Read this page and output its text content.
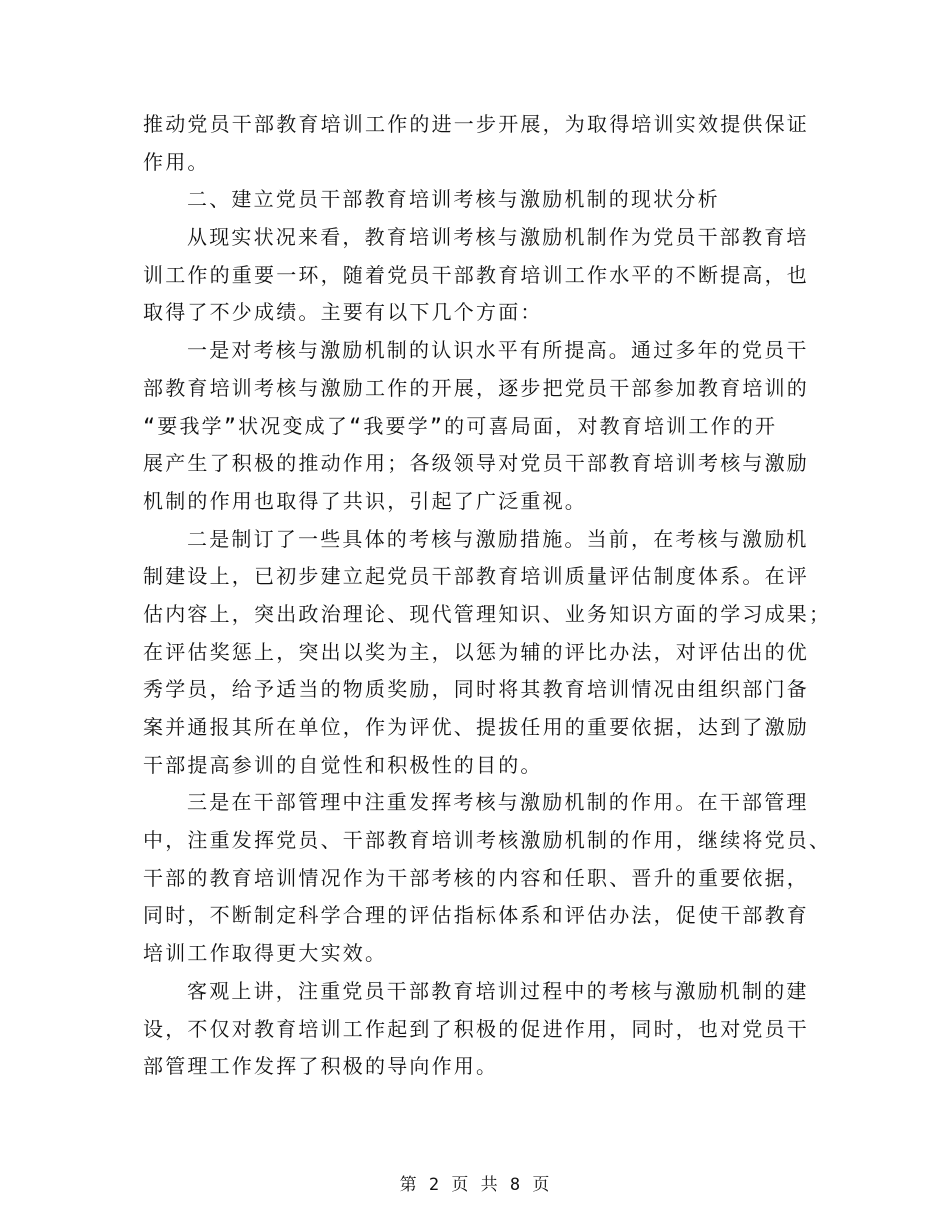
推动党员干部教育培训工作的进一步开展，为取得培训实效提供保证
作用。
二、建立党员干部教育培训考核与激励机制的现状分析
从现实状况来看，教育培训考核与激励机制作为党员干部教育培
训工作的重要一环，随着党员干部教育培训工作水平的不断提高，也
取得了不少成绩。主要有以下几个方面：
一是对考核与激励机制的认识水平有所提高。通过多年的党员干
部教育培训考核与激励工作的开展，逐步把党员干部参加教育培训的
“要我学”状况变成了“我要学”的可喜局面，对教育培训工作的开
展产生了积极的推动作用；各级领导对党员干部教育培训考核与激励
机制的作用也取得了共识，引起了广泛重视。
二是制订了一些具体的考核与激励措施。当前，在考核与激励机
制建设上，已初步建立起党员干部教育培训质量评估制度体系。在评
估内容上，突出政治理论、现代管理知识、业务知识方面的学习成果；
在评估奖惩上，突出以奖为主，以惩为辅的评比办法，对评估出的优
秀学员，给予适当的物质奖励，同时将其教育培训情况由组织部门备
案并通报其所在单位，作为评优、提拔任用的重要依据，达到了激励
干部提高参训的自觉性和积极性的目的。
三是在干部管理中注重发挥考核与激励机制的作用。在干部管理
中，注重发挥党员、干部教育培训考核激励机制的作用，继续将党员、
干部的教育培训情况作为干部考核的内容和任职、晋升的重要依据，
同时，不断制定科学合理的评估指标体系和评估办法，促使干部教育
培训工作取得更大实效。
客观上讲，注重党员干部教育培训过程中的考核与激励机制的建
设，不仅对教育培训工作起到了积极的促进作用，同时，也对党员干
部管理工作发挥了积极的导向作用。
第 2 页 共 8 页
